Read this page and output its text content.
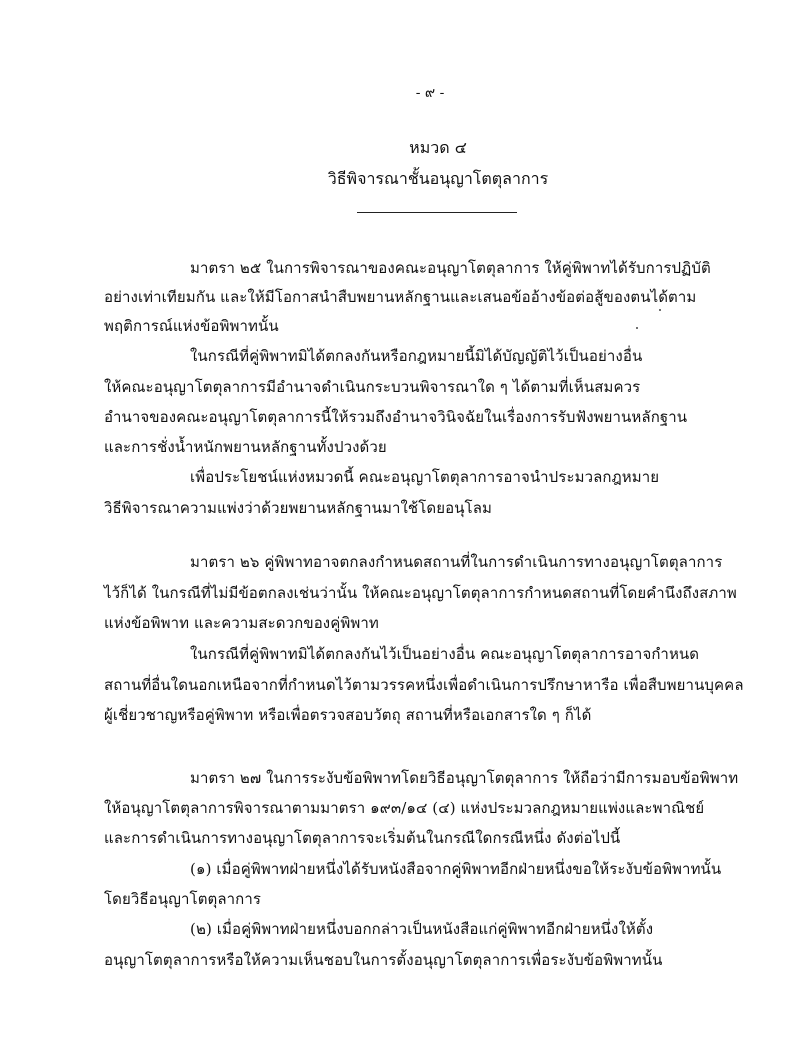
- ๙ -
หมวด ๔
วิธีพิจารณาชั้นอนุญาโตตุลาการ
มาตรา ๒๕ ในการพิจารณาของคณะอนุญาโตตุลาการ ให้คู่พิพาทได้รับการปฏิบัติ
อย่างเท่าเทียมกัน และให้มีโอกาสนำสืบพยานหลักฐานและเสนอข้ออ้างข้อต่อสู้ของตนได้ตาม
พฤติการณ์แห่งข้อพิพาทนั้น
ในกรณีที่คู่พิพาทมิได้ตกลงกันหรือกฎหมายนี้มิได้บัญญัติไว้เป็นอย่างอื่น
ให้คณะอนุญาโตตุลาการมีอำนาจดำเนินกระบวนพิจารณาใด ๆ ได้ตามที่เห็นสมควร
อำนาจของคณะอนุญาโตตุลาการนี้ให้รวมถึงอำนาจวินิจฉัยในเรื่องการรับฟังพยานหลักฐาน
และการชั่งน้ำหนักพยานหลักฐานทั้งปวงด้วย
เพื่อประโยชน์แห่งหมวดนี้ คณะอนุญาโตตุลาการอาจนำประมวลกฎหมาย
วิธีพิจารณาความแพ่งว่าด้วยพยานหลักฐานมาใช้โดยอนุโลม
มาตรา ๒๖ คู่พิพาทอาจตกลงกำหนดสถานที่ในการดำเนินการทางอนุญาโตตุลาการ
ไว้ก็ได้ ในกรณีที่ไม่มีข้อตกลงเช่นว่านั้น ให้คณะอนุญาโตตุลาการกำหนดสถานที่โดยคำนึงถึงสภาพ
แห่งข้อพิพาท และความสะดวกของคู่พิพาท
ในกรณีที่คู่พิพาทมิได้ตกลงกันไว้เป็นอย่างอื่น คณะอนุญาโตตุลาการอาจกำหนด
สถานที่อื่นใดนอกเหนือจากที่กำหนดไว้ตามวรรคหนึ่งเพื่อดำเนินการปรึกษาหารือ เพื่อสืบพยานบุคคล
ผู้เชี่ยวชาญหรือคู่พิพาท หรือเพื่อตรวจสอบวัตถุ สถานที่หรือเอกสารใด ๆ ก็ได้
มาตรา ๒๗ ในการระงับข้อพิพาทโดยวิธีอนุญาโตตุลาการ ให้ถือว่ามีการมอบข้อพิพาท
ให้อนุญาโตตุลาการพิจารณาตามมาตรา ๑๙๓/๑๔ (๔) แห่งประมวลกฎหมายแพ่งและพาณิชย์
และการดำเนินการทางอนุญาโตตุลาการจะเริ่มต้นในกรณีใดกรณีหนึ่ง ดังต่อไปนี้
(๑) เมื่อคู่พิพาทฝ่ายหนึ่งได้รับหนังสือจากคู่พิพาทอีกฝ่ายหนึ่งขอให้ระงับข้อพิพาทนั้น
โดยวิธีอนุญาโตตุลาการ
(๒) เมื่อคู่พิพาทฝ่ายหนึ่งบอกกล่าวเป็นหนังสือแก่คู่พิพาทอีกฝ่ายหนึ่งให้ตั้ง
อนุญาโตตุลาการหรือให้ความเห็นชอบในการตั้งอนุญาโตตุลาการเพื่อระงับข้อพิพาทนั้น
